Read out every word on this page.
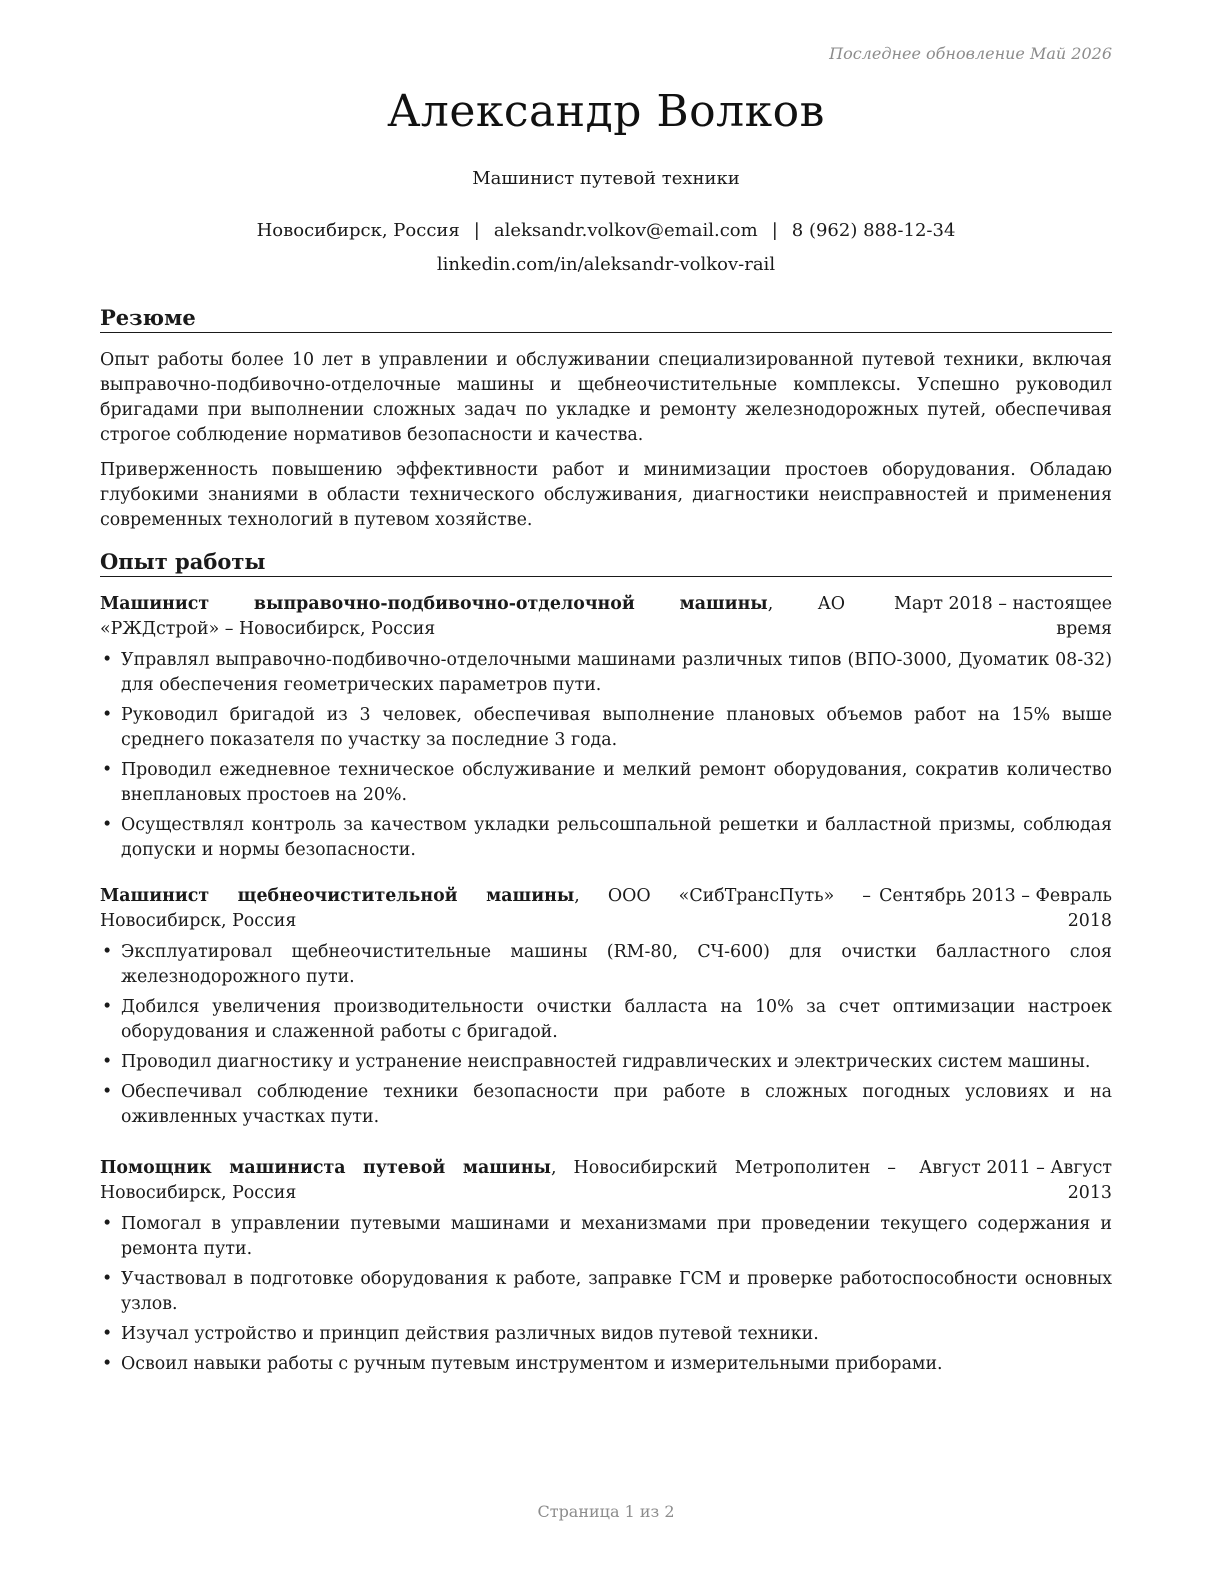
Последнее обновление Май 2026
Александр Волков
Машинист путевой техники
Новосибирск, Россия | aleksandr.volkov@email.com | 8 (962) 888-12-34
linkedin.com/in/aleksandr-volkov-rail
Резюме

Опыт работы более 10 лет в управлении и обслуживании специализированной путевой техники, включая выправочно-подбивочно-отделочные машины и щебнеочистительные комплексы. Успешно руководил бригадами при выполнении сложных задач по укладке и ремонту железнодорожных путей, обеспечивая строгое соблюдение нормативов безопасности и качества.

Приверженность повышению эффективности работ и минимизации простоев оборудования. Обладаю глубокими знаниями в области технического обслуживания, диагностики неисправностей и применения современных технологий в путевом хозяйстве.

Опыт работы
Машинист выправочно-подбивочно-отделочной машины, АО «РЖДстрой» – Новосибирск, Россия
Март 2018 – настоящее время
• Управлял выправочно-подбивочно-отделочными машинами различных типов (ВПО-3000, Дуоматик 08-32) для обеспечения геометрических параметров пути.
• Руководил бригадой из 3 человек, обеспечивая выполнение плановых объемов работ на 15% выше среднего показателя по участку за последние 3 года.
• Проводил ежедневное техническое обслуживание и мелкий ремонт оборудования, сократив количество внеплановых простоев на 20%.
• Осуществлял контроль за качеством укладки рельсошпальной решетки и балластной призмы, соблюдая допуски и нормы безопасности.
Машинист щебнеочистительной машины, ООО «СибТрансПуть» – Новосибирск, Россия
Сентябрь 2013 – Февраль 2018
• Эксплуатировал щебнеочистительные машины (RM-80, СЧ-600) для очистки балластного слоя железнодорожного пути.
• Добился увеличения производительности очистки балласта на 10% за счет оптимизации настроек оборудования и слаженной работы с бригадой.
• Проводил диагностику и устранение неисправностей гидравлических и электрических систем машины.
• Обеспечивал соблюдение техники безопасности при работе в сложных погодных условиях и на оживленных участках пути.
Помощник машиниста путевой машины, Новосибирский Метрополитен – Новосибирск, Россия
Август 2011 – Август 2013
• Помогал в управлении путевыми машинами и механизмами при проведении текущего содержания и ремонта пути.
• Участвовал в подготовке оборудования к работе, заправке ГСМ и проверке работоспособности основных узлов.
• Изучал устройство и принцип действия различных видов путевой техники.
• Освоил навыки работы с ручным путевым инструментом и измерительными приборами.
Страница 1 из 2
